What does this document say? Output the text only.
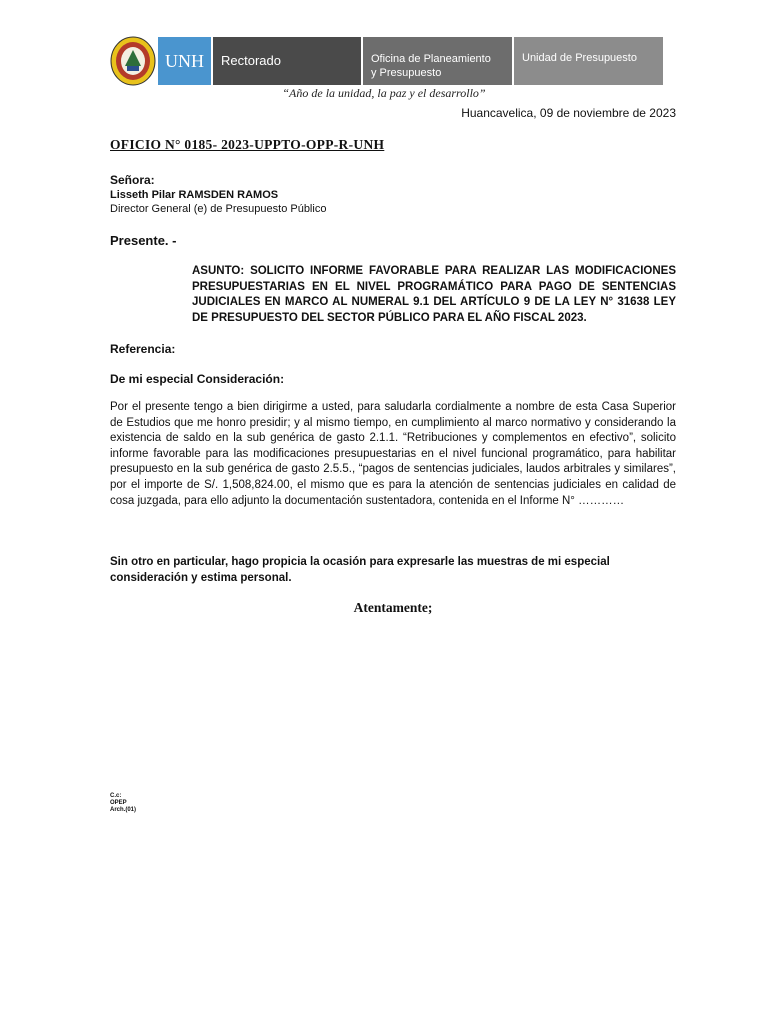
UNH	Rectorado	Oficina de Planeamiento
y Presupuesto
Unidad de Presupuesto
“Año de la unidad, la paz y el desarrollo”
Huancavelica, 09 de noviembre de 2023
OFICIO N° 0185- 2023-UPPTO-OPP-R-UNH
Señora:
Lisseth Pilar RAMSDEN RAMOS
Director General (e) de Presupuesto Público
Presente. -
ASUNTO: SOLICITO INFORME FAVORABLE PARA REALIZAR LAS MODIFICACIONES PRESUPUESTARIAS EN EL NIVEL PROGRAMÁTICO PARA PAGO DE SENTENCIAS JUDICIALES EN MARCO AL NUMERAL 9.1 DEL ARTÍCULO 9 DE LA LEY N° 31638 LEY DE PRESUPUESTO DEL SECTOR PÚBLICO PARA EL AÑO FISCAL 2023.
Referencia:
De mi especial Consideración:
Por el presente tengo a bien dirigirme a usted, para saludarla cordialmente a nombre de esta Casa Superior de Estudios que me honro presidir; y al mismo tiempo, en cumplimiento al marco normativo y considerando la existencia de saldo en la sub genérica de gasto 2.1.1. “Retribuciones y complementos en efectivo”, solicito informe favorable para las modificaciones presupuestarias en el nivel funcional programático, para habilitar presupuesto en la sub genérica de gasto 2.5.5., “pagos de sentencias judiciales, laudos arbitrales y similares”, por el importe de S/. 1,508,824.00, el mismo que es para la atención de sentencias judiciales en calidad de cosa juzgada, para ello adjunto la documentación sustentadora, contenida en el Informe N° …………
Sin otro en particular, hago propicia la ocasión para expresarle las muestras de mi especial consideración y estima personal.
Atentamente;
C.c:
OPEP
Arch.(01)
